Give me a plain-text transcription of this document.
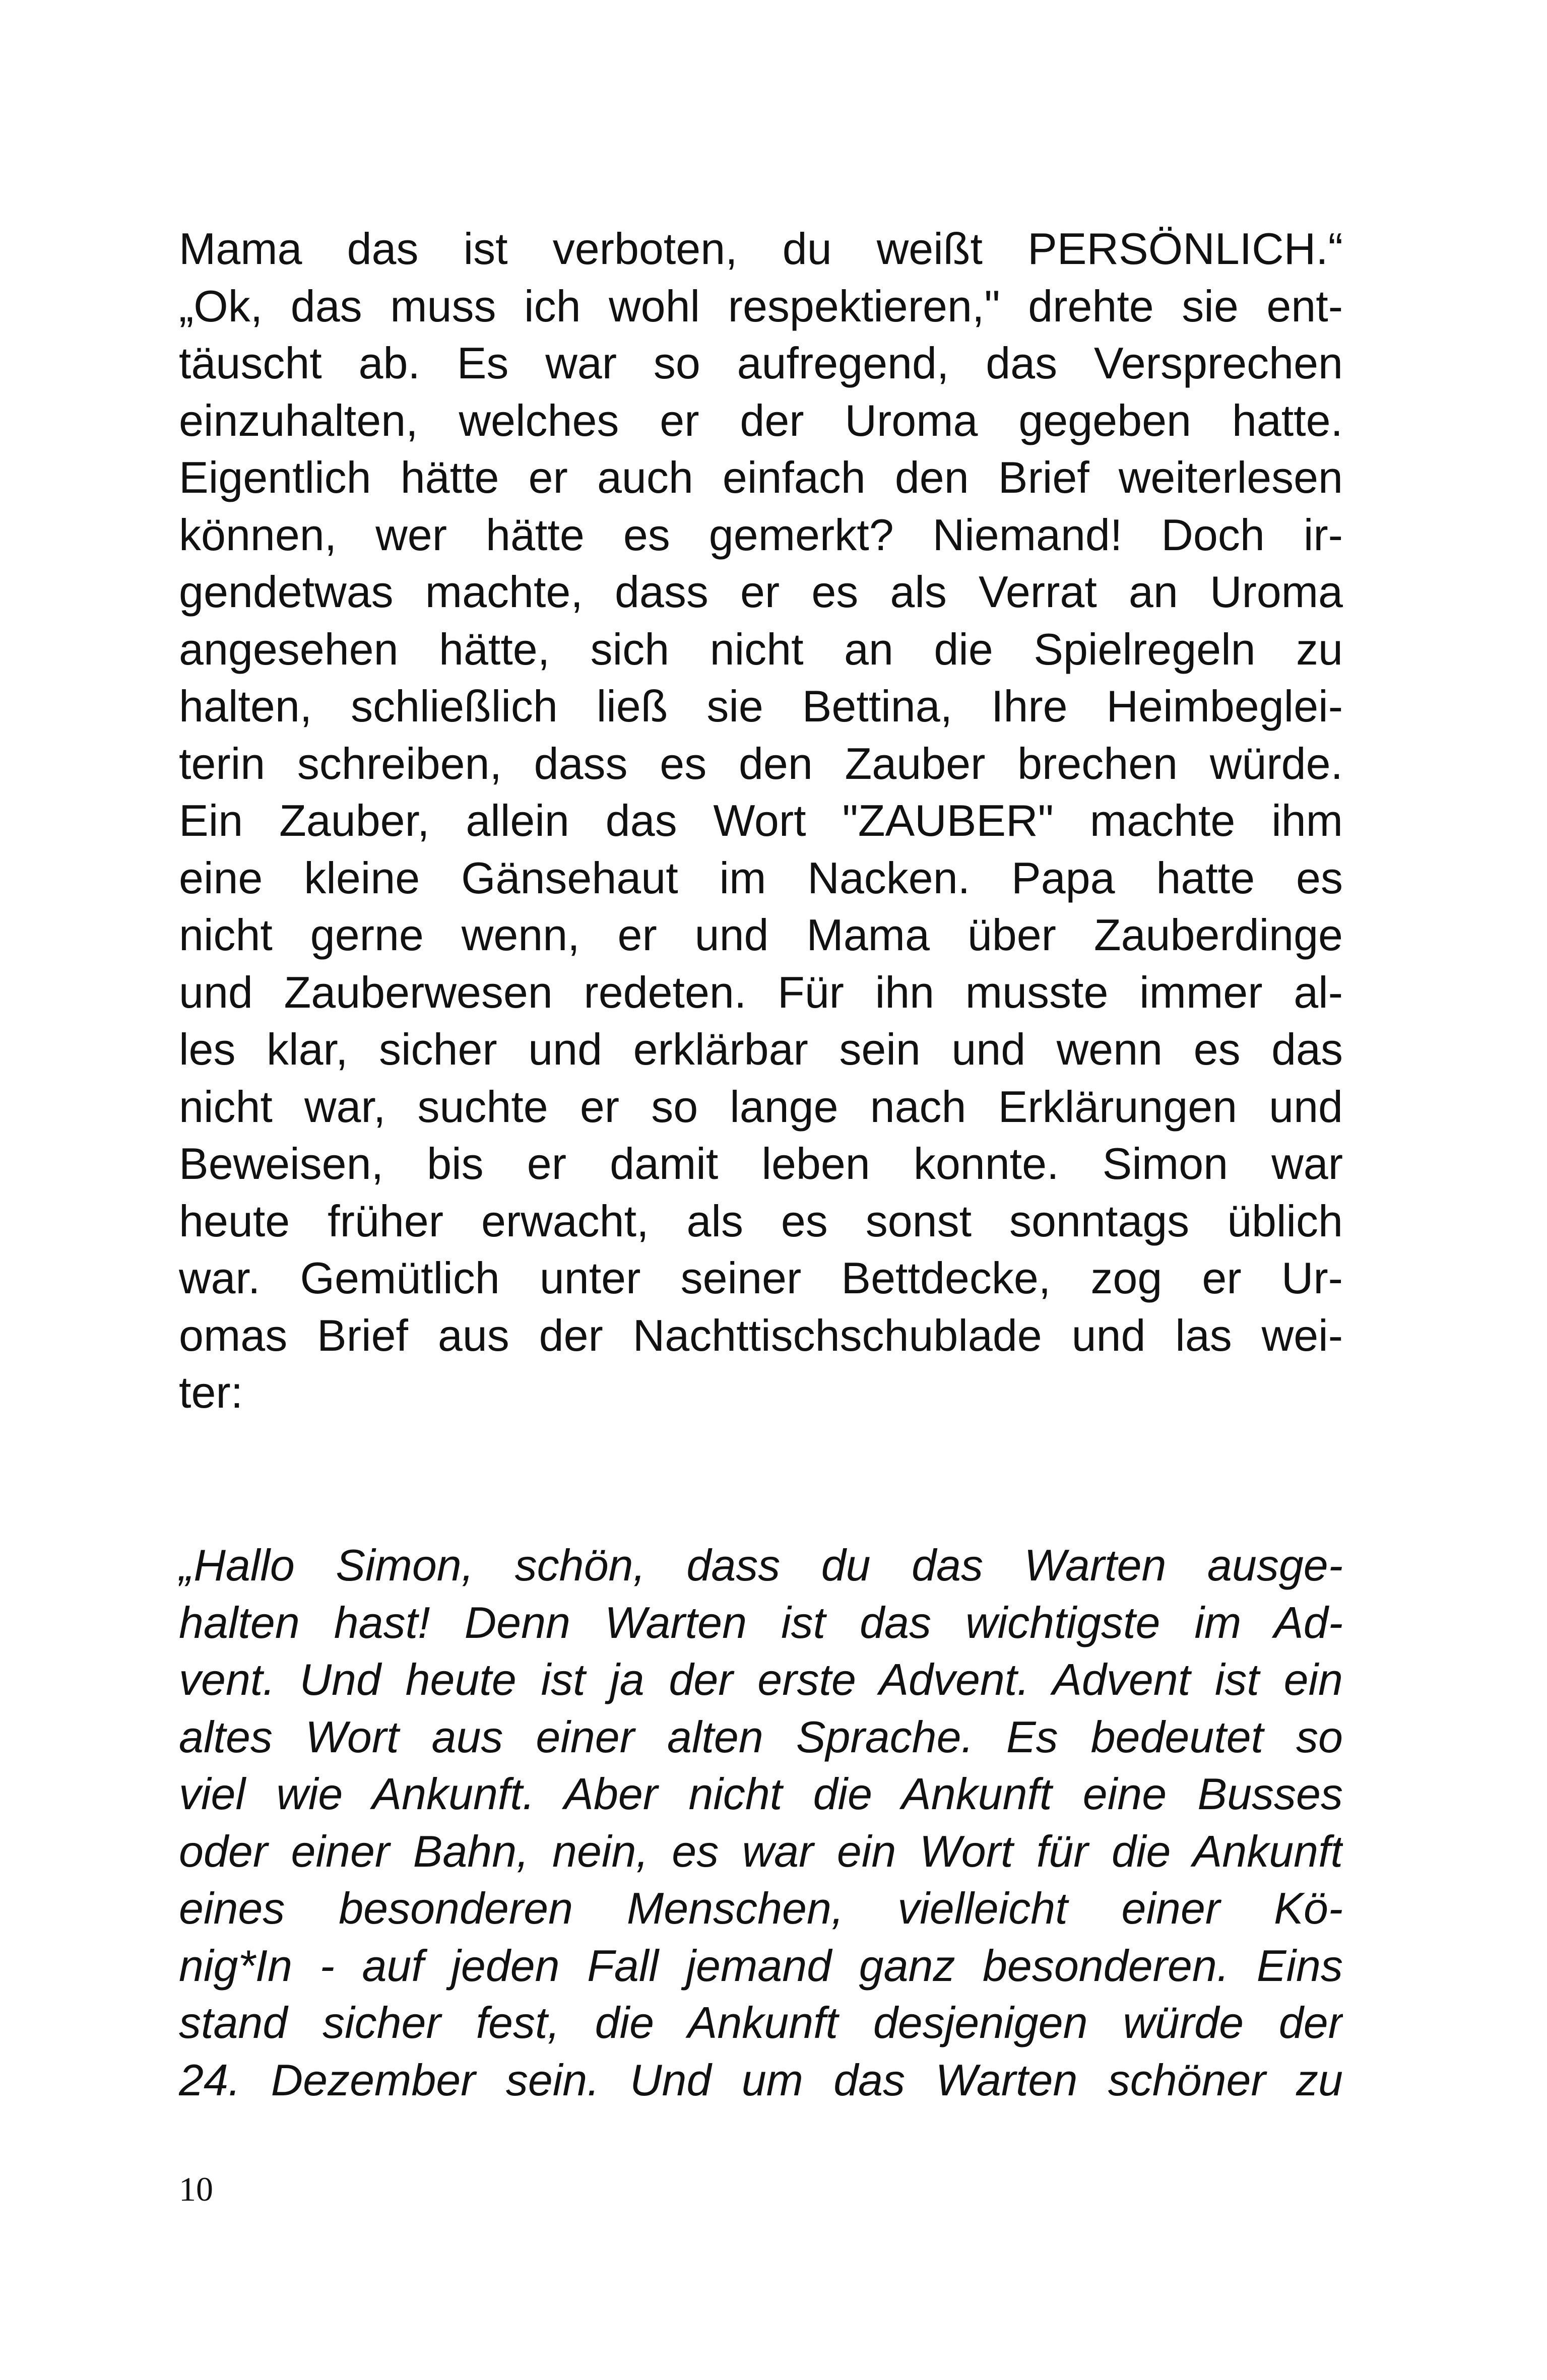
Mama das ist verboten, du weißt PERSÖNLICH.“
„Ok, das muss ich wohl respektieren," drehte sie ent-
täuscht ab. Es war so aufregend, das Versprechen
einzuhalten, welches er der Uroma gegeben hatte.
Eigentlich hätte er auch einfach den Brief weiterlesen
können, wer hätte es gemerkt? Niemand! Doch ir-
gendetwas machte, dass er es als Verrat an Uroma
angesehen hätte, sich nicht an die Spielregeln zu
halten, schließlich ließ sie Bettina, Ihre Heimbeglei-
terin schreiben, dass es den Zauber brechen würde.
Ein Zauber, allein das Wort "ZAUBER" machte ihm
eine kleine Gänsehaut im Nacken. Papa hatte es
nicht gerne wenn, er und Mama über Zauberdinge
und Zauberwesen redeten. Für ihn musste immer al-
les klar, sicher und erklärbar sein und wenn es das
nicht war, suchte er so lange nach Erklärungen und
Beweisen, bis er damit leben konnte. Simon war
heute früher erwacht, als es sonst sonntags üblich
war. Gemütlich unter seiner Bettdecke, zog er Ur-
omas Brief aus der Nachttischschublade und las wei-
ter:
„Hallo Simon, schön, dass du das Warten ausge-
halten hast! Denn Warten ist das wichtigste im Ad-
vent. Und heute ist ja der erste Advent. Advent ist ein
altes Wort aus einer alten Sprache. Es bedeutet so
viel wie Ankunft. Aber nicht die Ankunft eine Busses
oder einer Bahn, nein, es war ein Wort für die Ankunft
eines besonderen Menschen, vielleicht einer Kö-
nig*In - auf jeden Fall jemand ganz besonderen. Eins
stand sicher fest, die Ankunft desjenigen würde der
24. Dezember sein. Und um das Warten schöner zu
10
